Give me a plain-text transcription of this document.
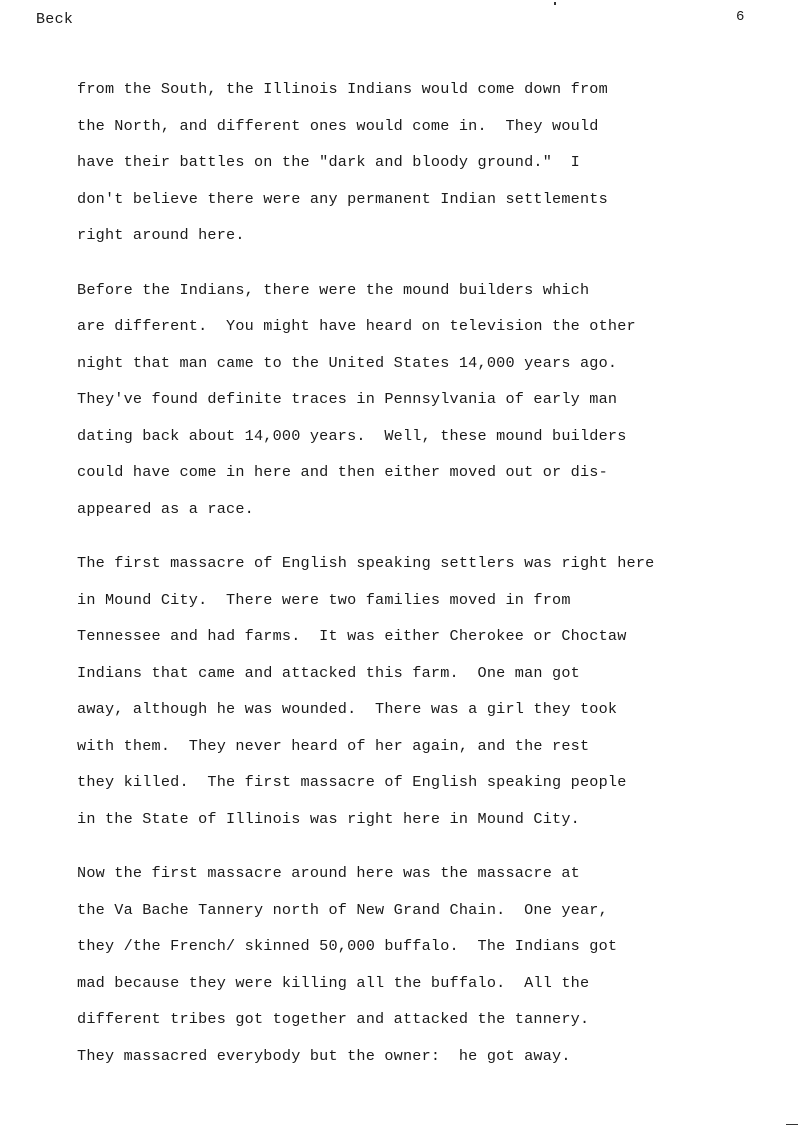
Beck	6
from the South, the Illinois Indians would come down from
the North, and different ones would come in.  They would
have their battles on the "dark and bloody ground."  I
don't believe there were any permanent Indian settlements
right around here.
Before the Indians, there were the mound builders which
are different.  You might have heard on television the other
night that man came to the United States 14,000 years ago.
They've found definite traces in Pennsylvania of early man
dating back about 14,000 years.  Well, these mound builders
could have come in here and then either moved out or dis-
appeared as a race.
The first massacre of English speaking settlers was right here
in Mound City.  There were two families moved in from
Tennessee and had farms.  It was either Cherokee or Choctaw
Indians that came and attacked this farm.  One man got
away, although he was wounded.  There was a girl they took
with them.  They never heard of her again, and the rest
they killed.  The first massacre of English speaking people
in the State of Illinois was right here in Mound City.
Now the first massacre around here was the massacre at
the Va Bache Tannery north of New Grand Chain.  One year,
they /the French/ skinned 50,000 buffalo.  The Indians got
mad because they were killing all the buffalo.  All the
different tribes got together and attacked the tannery.
They massacred everybody but the owner:  he got away.
